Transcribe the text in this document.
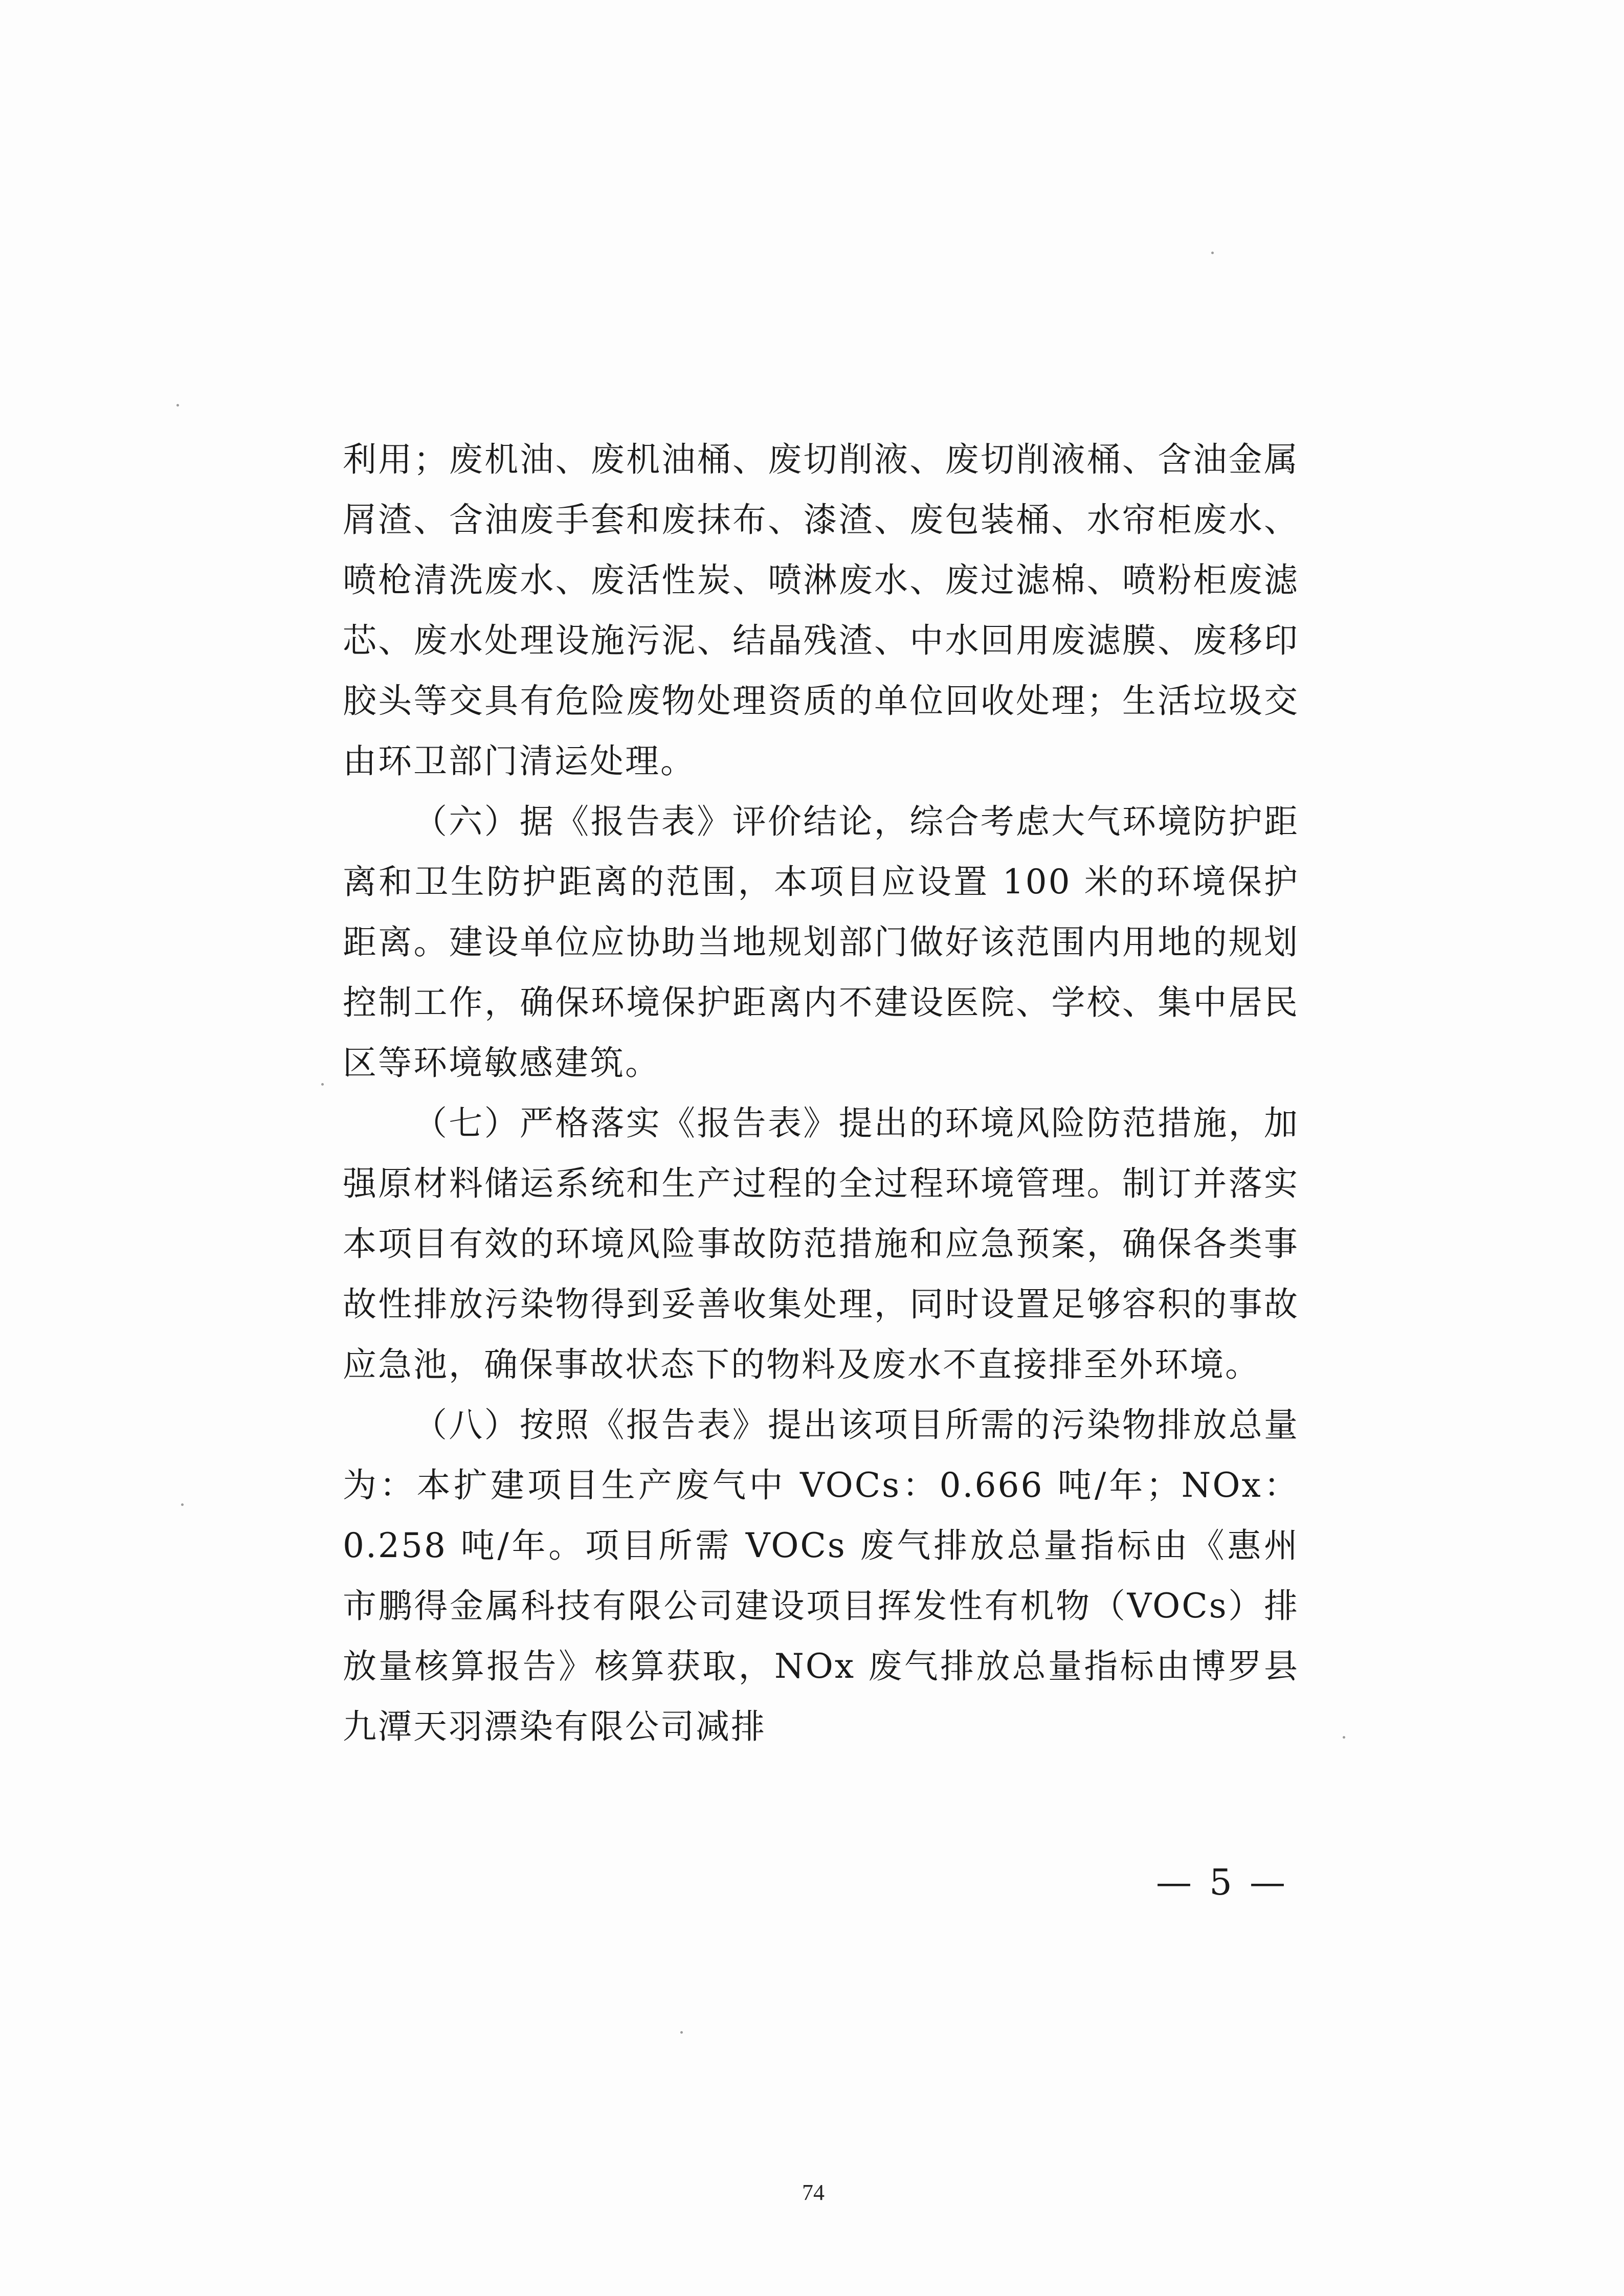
利用；废机油、废机油桶、废切削液、废切削液桶、含油金属屑渣、含油废手套和废抹布、漆渣、废包装桶、水帘柜废水、喷枪清洗废水、废活性炭、喷淋废水、废过滤棉、喷粉柜废滤芯、废水处理设施污泥、结晶残渣、中水回用废滤膜、废移印胶头等交具有危险废物处理资质的单位回收处理；生活垃圾交由环卫部门清运处理。

（六）据《报告表》评价结论，综合考虑大气环境防护距离和卫生防护距离的范围，本项目应设置 100 米的环境保护距离。建设单位应协助当地规划部门做好该范围内用地的规划控制工作，确保环境保护距离内不建设医院、学校、集中居民区等环境敏感建筑。

（七）严格落实《报告表》提出的环境风险防范措施，加强原材料储运系统和生产过程的全过程环境管理。制订并落实本项目有效的环境风险事故防范措施和应急预案，确保各类事故性排放污染物得到妥善收集处理，同时设置足够容积的事故应急池，确保事故状态下的物料及废水不直接排至外环境。

（八）按照《报告表》提出该项目所需的污染物排放总量为：本扩建项目生产废气中 VOCs：0.666 吨/年；NOx：0.258 吨/年。项目所需 VOCs 废气排放总量指标由《惠州市鹏得金属科技有限公司建设项目挥发性有机物（VOCs）排放量核算报告》核算获取，NOx 废气排放总量指标由博罗县九潭天羽漂染有限公司减排

— 5 —
74
